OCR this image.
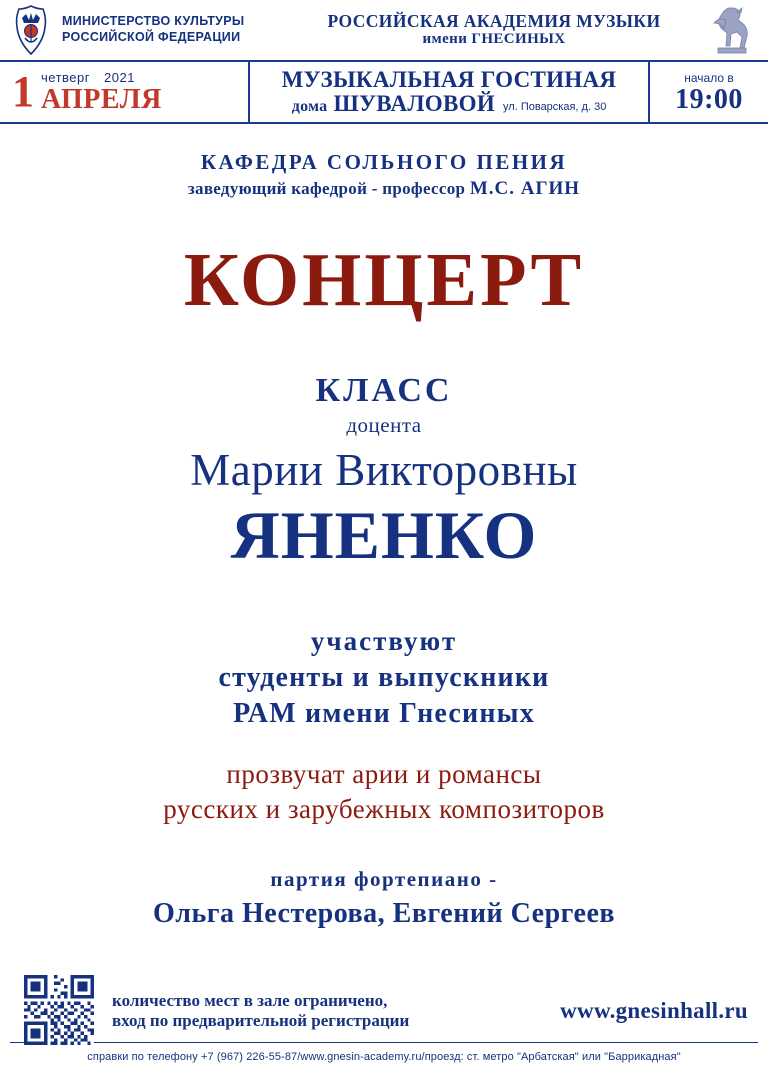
МИНИСТЕРСТВО КУЛЬТУРЫ
РОССИЙСКОЙ ФЕДЕРАЦИИ
РОССИЙСКАЯ АКАДЕМИЯ МУЗЫКИ
имени ГНЕСИНЫХ
1 четверг 2021
АПРЕЛЯ
МУЗЫКАЛЬНАЯ ГОСТИНАЯ
дома ШУВАЛОВОЙ ул. Поварская, д. 30
начало в
19:00
КАФЕДРА СОЛЬНОГО ПЕНИЯ
заведующий кафедрой - профессор М.С. АГИН
КОНЦЕРТ
КЛАСС
доцента
Марии Викторовны
ЯНЕНКО
участвуют
студенты и выпускники
РАМ имени Гнесиных
прозвучат арии и романсы
русских и зарубежных композиторов
партия фортепиано -
Ольга Нестерова, Евгений Сергеев
количество мест в зале ограничено,
вход по предварительной регистрации	www.gnesinhall.ru
справки по телефону +7 (967) 226-55-87/www.gnesin-academy.ru/проезд: ст. метро "Арбатская" или "Баррикадная"
